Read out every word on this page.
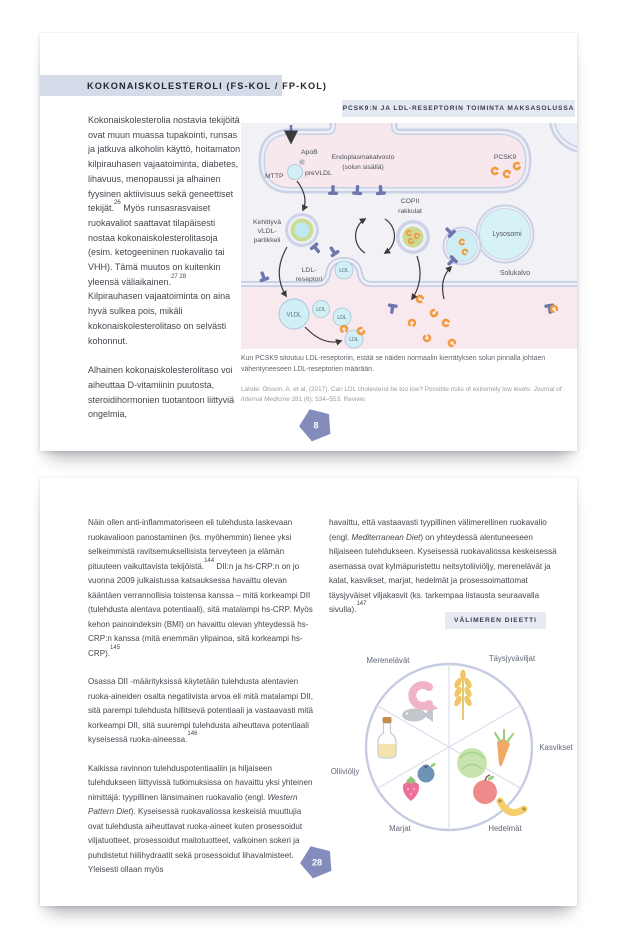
KOKONAISKOLESTEROLI (FS-KOL / FP-KOL)

Kokonaiskolesterolia nostavia tekijöitä ovat muun muassa tupakointi, runsas ja jatkuva alkoholin käyttö, hoitamaton kilpirauhasen vajaatoiminta, diabetes, lihavuus, menopaussi ja alhainen fyysinen aktiivisuus sekä geneettiset tekijät.$^{26}$ Myös runsasrasvaiset ruokavaliot saattavat tilapäisesti nostaa kokonaiskolesterolitasoja (esim. ketogeeninen ruokavalio tai VHH). Tämä muutos on kuitenkin yleensä väliaikainen.$^{27 28}$ Kilpirauhasen vajaatoiminta on aina hyvä sulkea pois, mikäli kokonaiskolesterolitaso on selvästi kohonnut.

Alhainen kokonaiskolesterolitaso voi aiheuttaa D-vitamiinin puutosta, steroidihormonien tuotantoon liittyviä ongelmia,

PCSK9:N JA LDL-RESEPTORIN TOIMINTA MAKSASOLUSSA
Endoplasmakalvosto
(solun sisällä)
ApoB
preVLDL
MTTP
PCSK9
Kehittyvä
VLDL-
partikkeli
COPII
rakkulat
Lysosomi
LDL
LDL-
reseptori
Solukalvo
VLDL
LDL
LDL
LDL
Kun PCSK9 sitoutuu LDL-reseptoriin, estää se näiden normaalin kierrätyksen solun pinnalla johtaen vähentyneeseen LDL-reseptorien määrään.
Lähde: Olsson, A. et al. (2017). Can LDL cholesterol be too low? Possible risks of extremely low levels. Journal of Internal Medicine 281 (6): 534–553. Review.
8

Näin ollen anti-inflammatoriseen eli tulehdusta laskevaan ruokavalioon panostaminen (ks. myöhemmin) lienee yksi selkeimmistä ravitsemuksellisista terveyteen ja elämän pituuteen vaikuttavista tekijöistä.$^{144}$ DII:n ja hs-CRP:n on jo vuonna 2009 julkaistussa katsauksessa havaittu olevan kääntäen verrannollisia toistensa kanssa – mitä korkeampi DII (tulehdusta alentava potentiaali), sitä matalampi hs-CRP. Myös kehon painoindeksin (BMI) on havaittu olevan yhteydessä hs-CRP:n kanssa (mitä enemmän ylipainoa, sitä korkeampi hs-CRP).$^{145}$

Osassa DII -määrityksissä käytetään tulehdusta alentavien ruoka-aineiden osalta negatiivista arvoa eli mitä matalampi DII, sitä parempi tulehdusta hillitsevä potentiaali ja vastaavasti mitä korkeampi DII, sitä suurempi tulehdusta aiheuttava potentiaali kyseisessä ruoka-aineessa.$^{146}$

Kaikissa ravinnon tulehduspotentiaaliin ja hiljaiseen tulehdukseen liittyvissä tutkimuksissa on havaittu yksi yhteinen nimittäjä: tyypillinen länsimainen ruokavalio (engl. Western Pattern Diet). Kyseisessä ruokavaliossa keskeisiä muuttujia ovat tulehdusta aiheuttavat ruoka-aineet kuten prosessoidut viljatuotteet, prosessoidut maitotuotteet, valkoinen sokeri ja puhdistetut hiilihydraatit sekä prosessoidut lihavalmisteet. Yleisesti ollaan myös

havaittu, että vastaavasti tyypillinen välimerellinen ruokavalio (engl. Mediterranean Diet) on yhteydessä alentuneeseen hiljaiseen tulehdukseen. Kyseisessä ruokavaliossa keskeisessä asemassa ovat kylmäpuristettu neitsytoliiviöljy, merenelävät ja kalat, kasvikset, marjat, hedelmät ja prosessoimattomat täysjyväiset viljakasvit (ks. tarkempaa listausta seuraavalla sivulla).$^{147}$

VÄLIMEREN DIEETTI
Merenelävät	Täysjyväviljat
Kasvikset
Hedelmät
Marjat
Oliiviöljy
28
